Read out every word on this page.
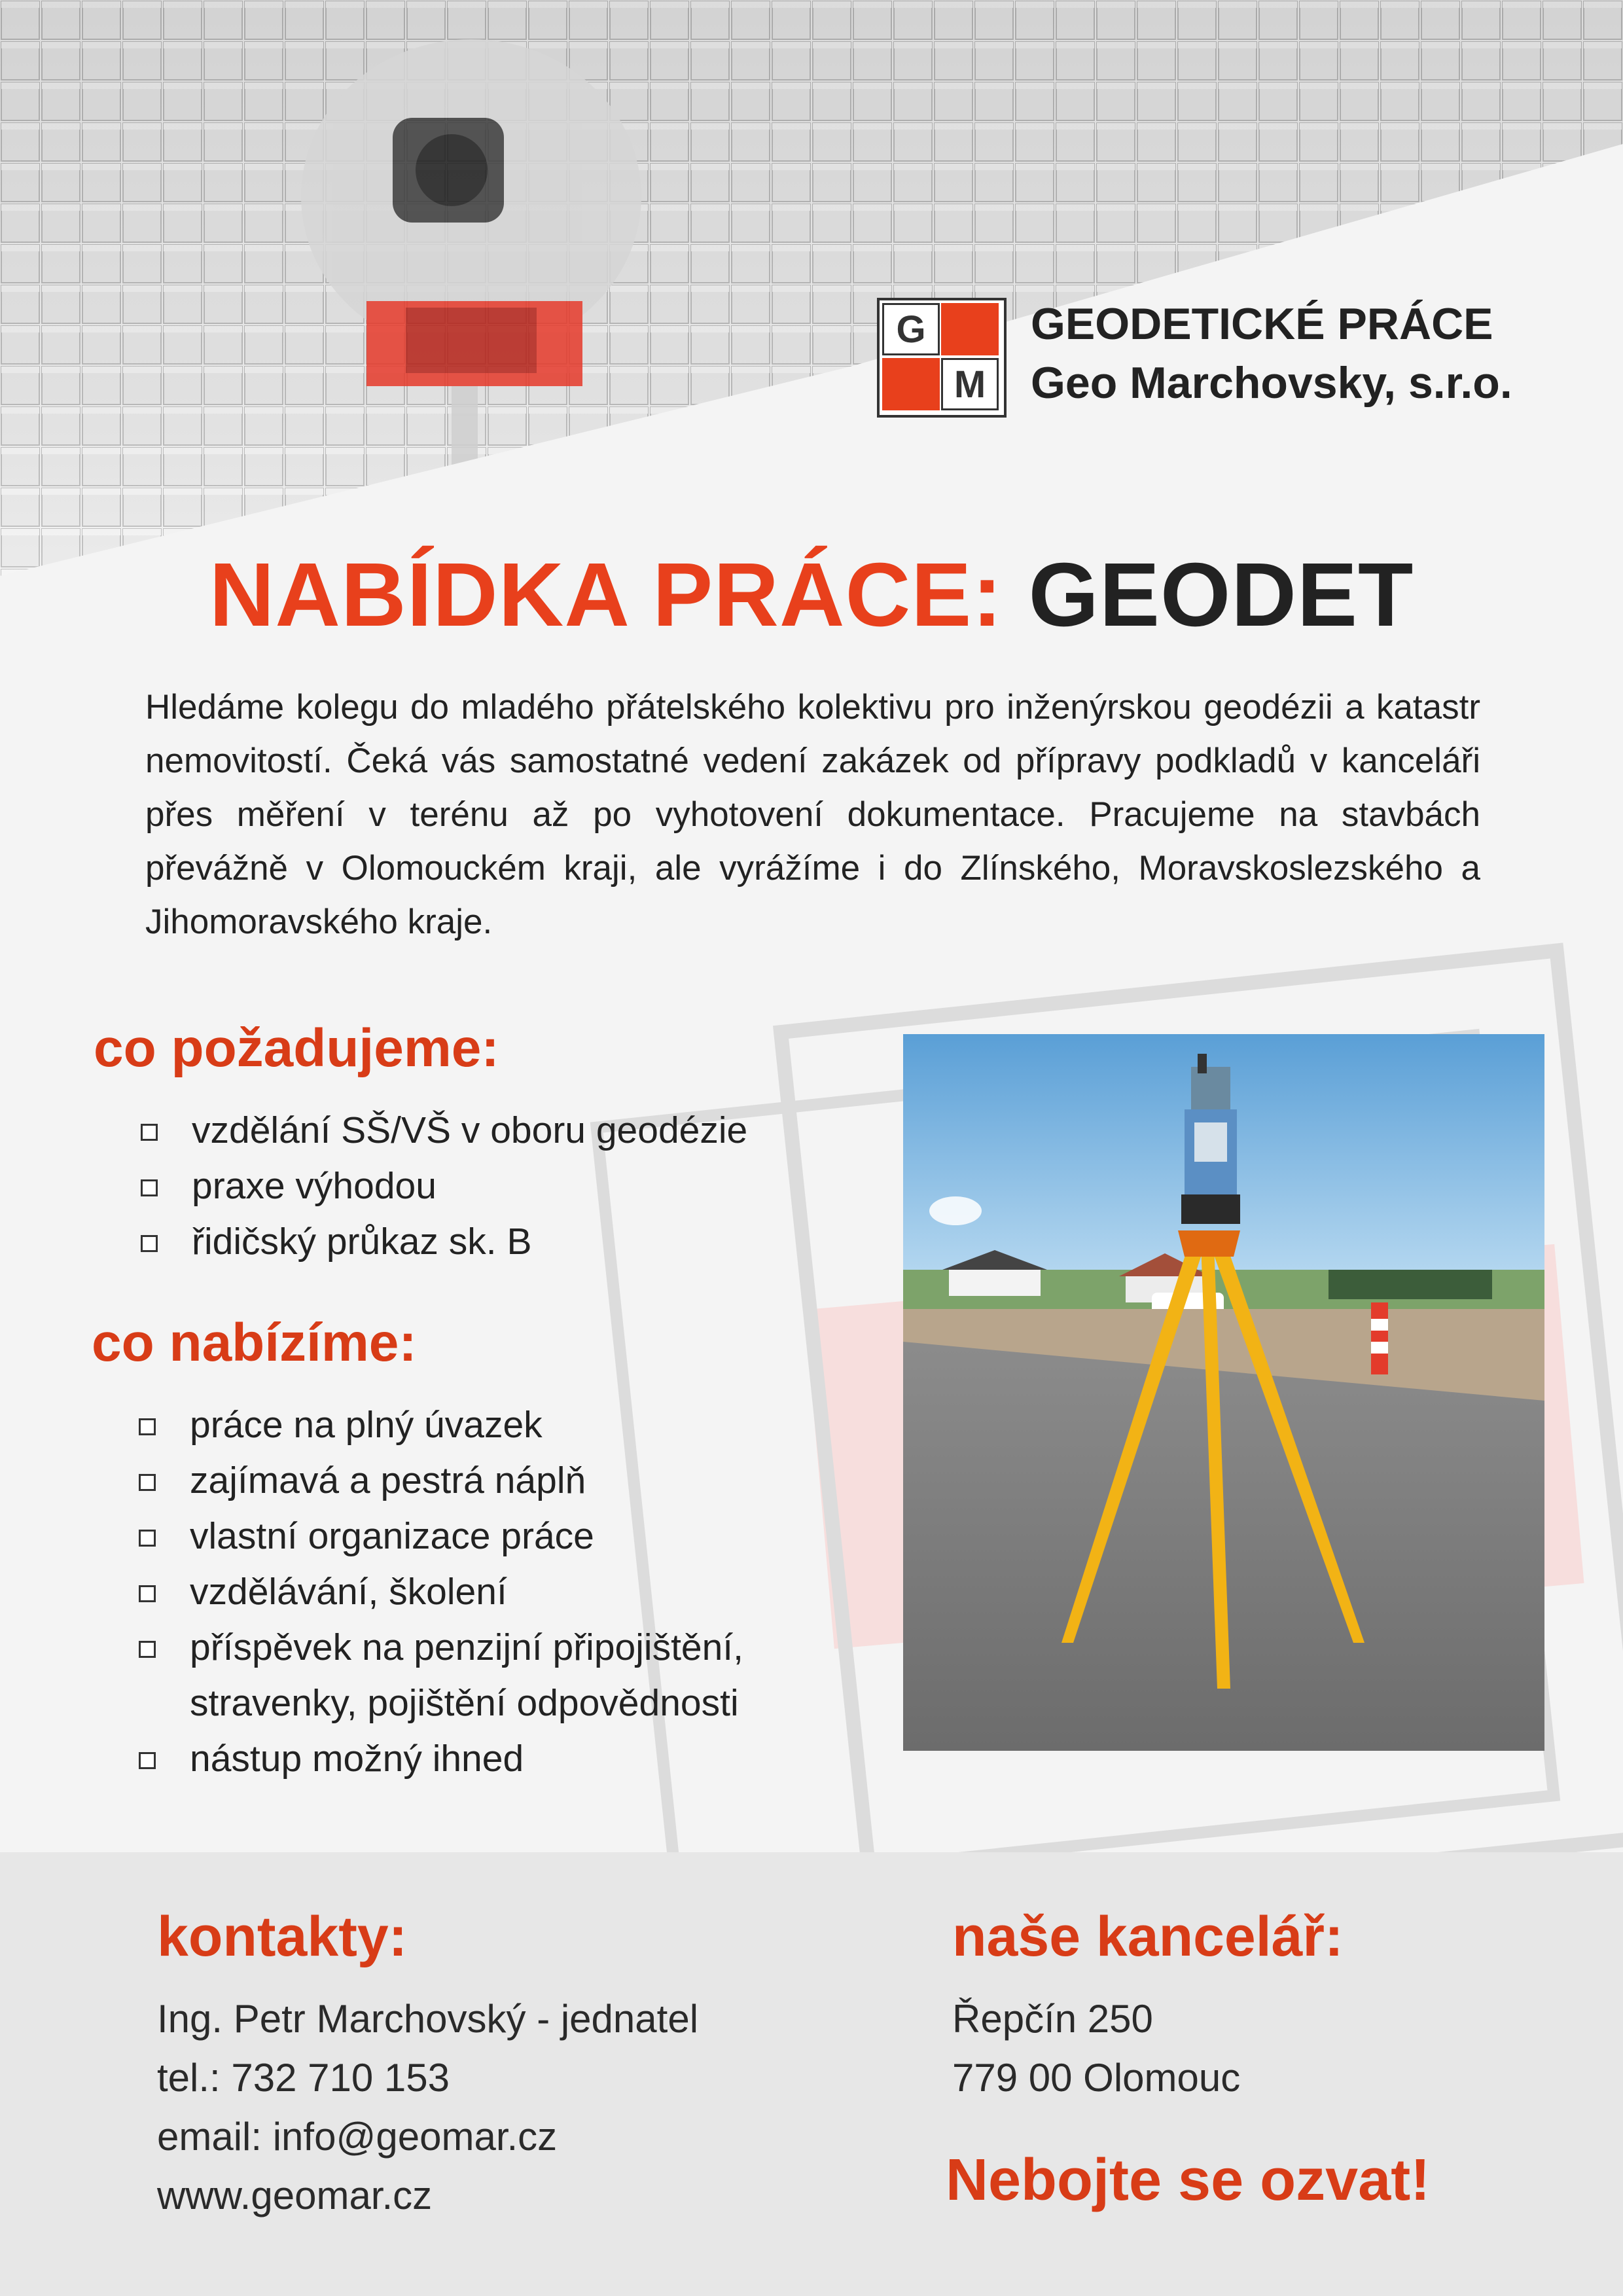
G
M
GEODETICKÉ PRÁCE
Geo Marchovsky, s.r.o.
NABÍDKA PRÁCE: GEODET
Hledáme kolegu do mladého přátelského kolektivu pro inženýrskou geodézii a katastr nemovitostí. Čeká vás samostatné vedení zakázek od přípravy podkladů v kanceláři přes měření v terénu až po vyhotovení dokumentace. Pracujeme na stavbách převážně v Olomouckém kraji, ale vyrážíme i do Zlínského, Moravskoslezského a Jihomoravského kraje.
co požadujeme:
vzdělání SŠ/VŠ v oboru geodézie
praxe výhodou
řidičský průkaz sk. B
co nabízíme:
práce na plný úvazek
zajímavá a pestrá náplň
vlastní organizace práce
vzdělávání, školení
příspěvek na penzijní připojištění,
stravenky, pojištění odpovědnosti
nástup možný ihned
kontakty:
Ing. Petr Marchovský - jednatel
tel.: 732 710 153
email: info@geomar.cz
www.geomar.cz
naše kancelář:
Řepčín 250
779 00 Olomouc
Nebojte se ozvat!
